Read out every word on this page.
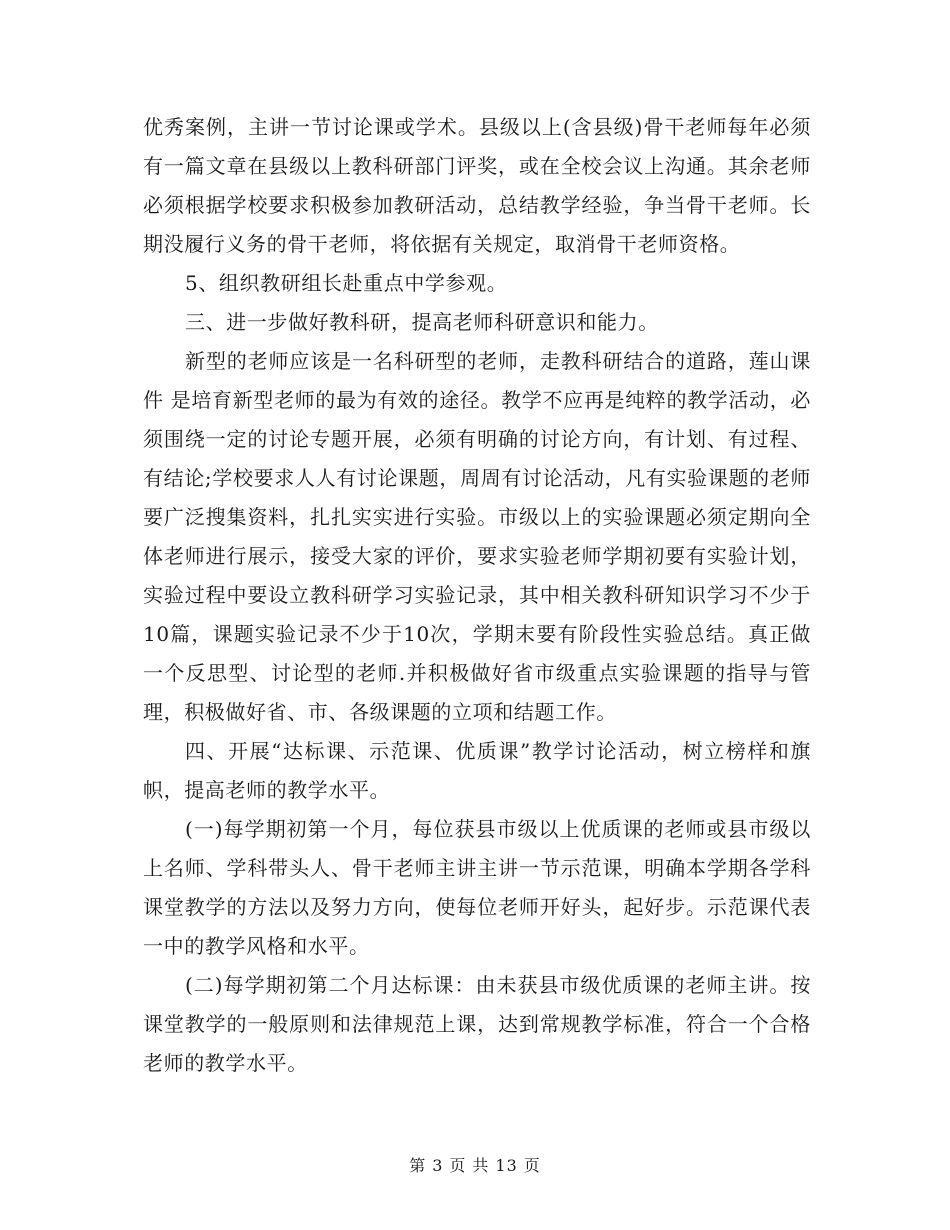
优秀案例，主讲一节讨论课或学术。县级以上(含县级)骨干老师每年必须有一篇文章在县级以上教科研部门评奖，或在全校会议上沟通。其余老师必须根据学校要求积极参加教研活动，总结教学经验，争当骨干老师。长期没履行义务的骨干老师，将依据有关规定，取消骨干老师资格。

5、组织教研组长赴重点中学参观。

三、进一步做好教科研，提高老师科研意识和能力。

新型的老师应该是一名科研型的老师，走教科研结合的道路，莲山课件 是培育新型老师的最为有效的途径。教学不应再是纯粹的教学活动，必须围绕一定的讨论专题开展，必须有明确的讨论方向，有计划、有过程、有结论;学校要求人人有讨论课题，周周有讨论活动，凡有实验课题的老师要广泛搜集资料，扎扎实实进行实验。市级以上的实验课题必须定期向全体老师进行展示，接受大家的评价，要求实验老师学期初要有实验计划，实验过程中要设立教科研学习实验记录，其中相关教科研知识学习不少于10篇，课题实验记录不少于10次，学期末要有阶段性实验总结。真正做一个反思型、讨论型的老师.并积极做好省市级重点实验课题的指导与管理，积极做好省、市、各级课题的立项和结题工作。

四、开展“达标课、示范课、优质课”教学讨论活动，树立榜样和旗帜，提高老师的教学水平。

(一)每学期初第一个月，每位获县市级以上优质课的老师或县市级以上名师、学科带头人、骨干老师主讲主讲一节示范课，明确本学期各学科课堂教学的方法以及努力方向，使每位老师开好头，起好步。示范课代表一中的教学风格和水平。

(二)每学期初第二个月达标课：由未获县市级优质课的老师主讲。按课堂教学的一般原则和法律规范上课，达到常规教学标准，符合一个合格老师的教学水平。

第 3 页 共 13 页
